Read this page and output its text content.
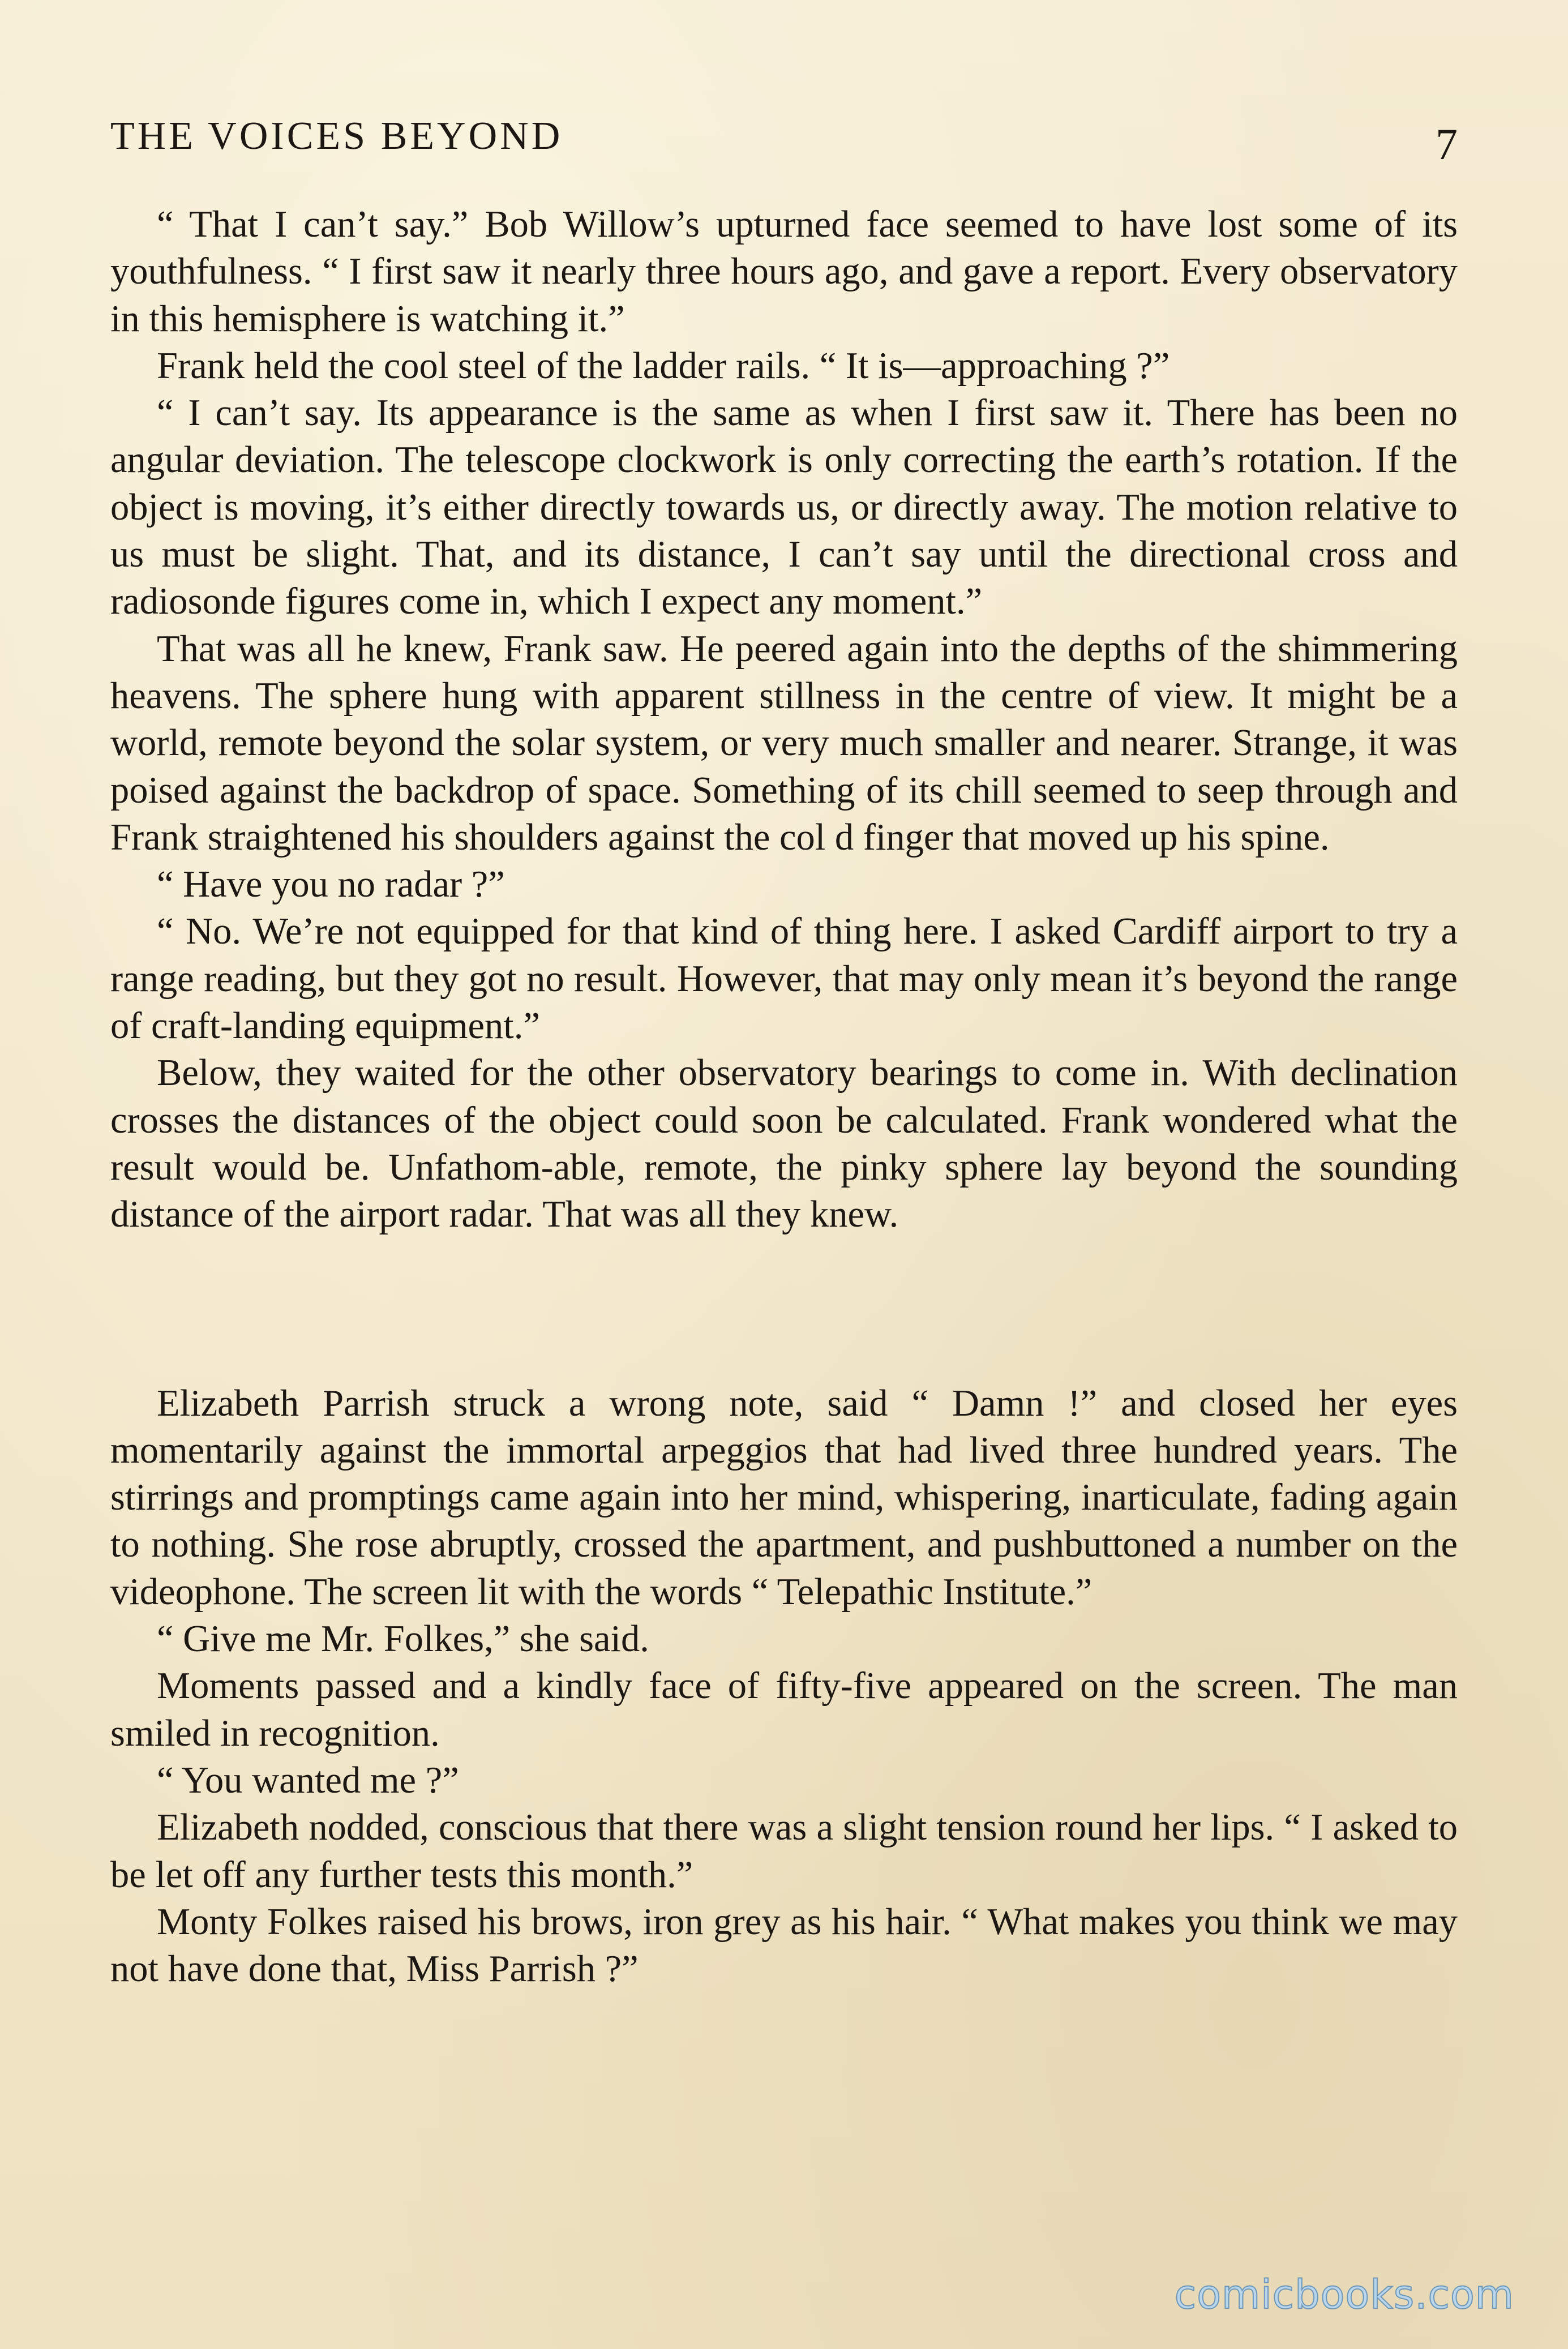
THE VOICES BEYOND	7

“ That I can’t say.” Bob Willow’s upturned face seemed to have lost some of its youthfulness. “ I first saw it nearly three hours ago, and gave a report. Every observatory in this hemisphere is watching it.”

Frank held the cool steel of the ladder rails. “ It is—approaching ?”

“ I can’t say. Its appearance is the same as when I first saw it. There has been no angular deviation. The telescope clockwork is only correcting the earth’s rotation. If the object is moving, it’s either directly towards us, or directly away. The motion relative to us must be slight. That, and its distance, I can’t say until the directional cross and radiosonde figures come in, which I expect any moment.”

That was all he knew, Frank saw. He peered again into the depths of the shimmering heavens. The sphere hung with apparent stillness in the centre of view. It might be a world, remote beyond the solar system, or very much smaller and nearer. Strange, it was poised against the backdrop of space. Something of its chill seemed to seep through and Frank straightened his shoulders against the col d finger that moved up his spine.

“ Have you no radar ?”

“ No. We’re not equipped for that kind of thing here. I asked Cardiff airport to try a range reading, but they got no result. However, that may only mean it’s beyond the range of craft-landing equipment.”

Below, they waited for the other observatory bearings to come in. With declination crosses the distances of the object could soon be calculated. Frank wondered what the result would be. Unfathom-able, remote, the pinky sphere lay beyond the sounding distance of the airport radar. That was all they knew.

Elizabeth Parrish struck a wrong note, said “ Damn !” and closed her eyes momentarily against the immortal arpeggios that had lived three hundred years. The stirrings and promptings came again into her mind, whispering, inarticulate, fading again to nothing. She rose abruptly, crossed the apartment, and pushbuttoned a number on the videophone. The screen lit with the words “ Telepathic Institute.”

“ Give me Mr. Folkes,” she said.

Moments passed and a kindly face of fifty-five appeared on the screen. The man smiled in recognition.

“ You wanted me ?”

Elizabeth nodded, conscious that there was a slight tension round her lips. “ I asked to be let off any further tests this month.”

Monty Folkes raised his brows, iron grey as his hair. “ What makes you think we may not have done that, Miss Parrish ?”

comicbooks.com
